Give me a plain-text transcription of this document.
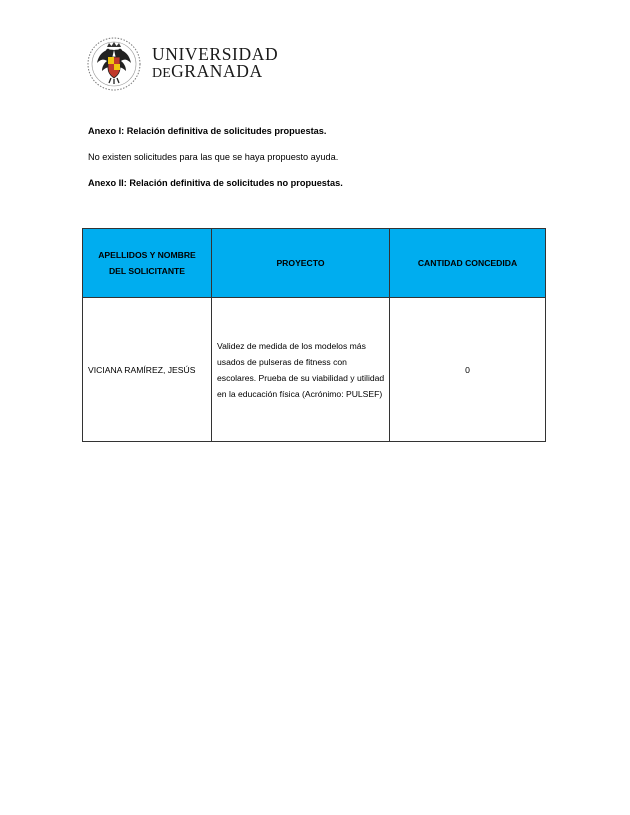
UNIVERSIDAD
DEGRANADA
Anexo I: Relación definitiva de solicitudes propuestas.
No existen solicitudes para las que se haya propuesto ayuda.
Anexo II: Relación definitiva de solicitudes no propuestas.
APELLIDOS Y NOMBRE DEL SOLICITANTE	PROYECTO	CANTIDAD CONCEDIDA
VICIANA RAMÍREZ, JESÚS	Validez de medida de los modelos más usados de pulseras de fitness con escolares. Prueba de su viabilidad y utilidad en la educación física (Acrónimo: PULSEF)	0
